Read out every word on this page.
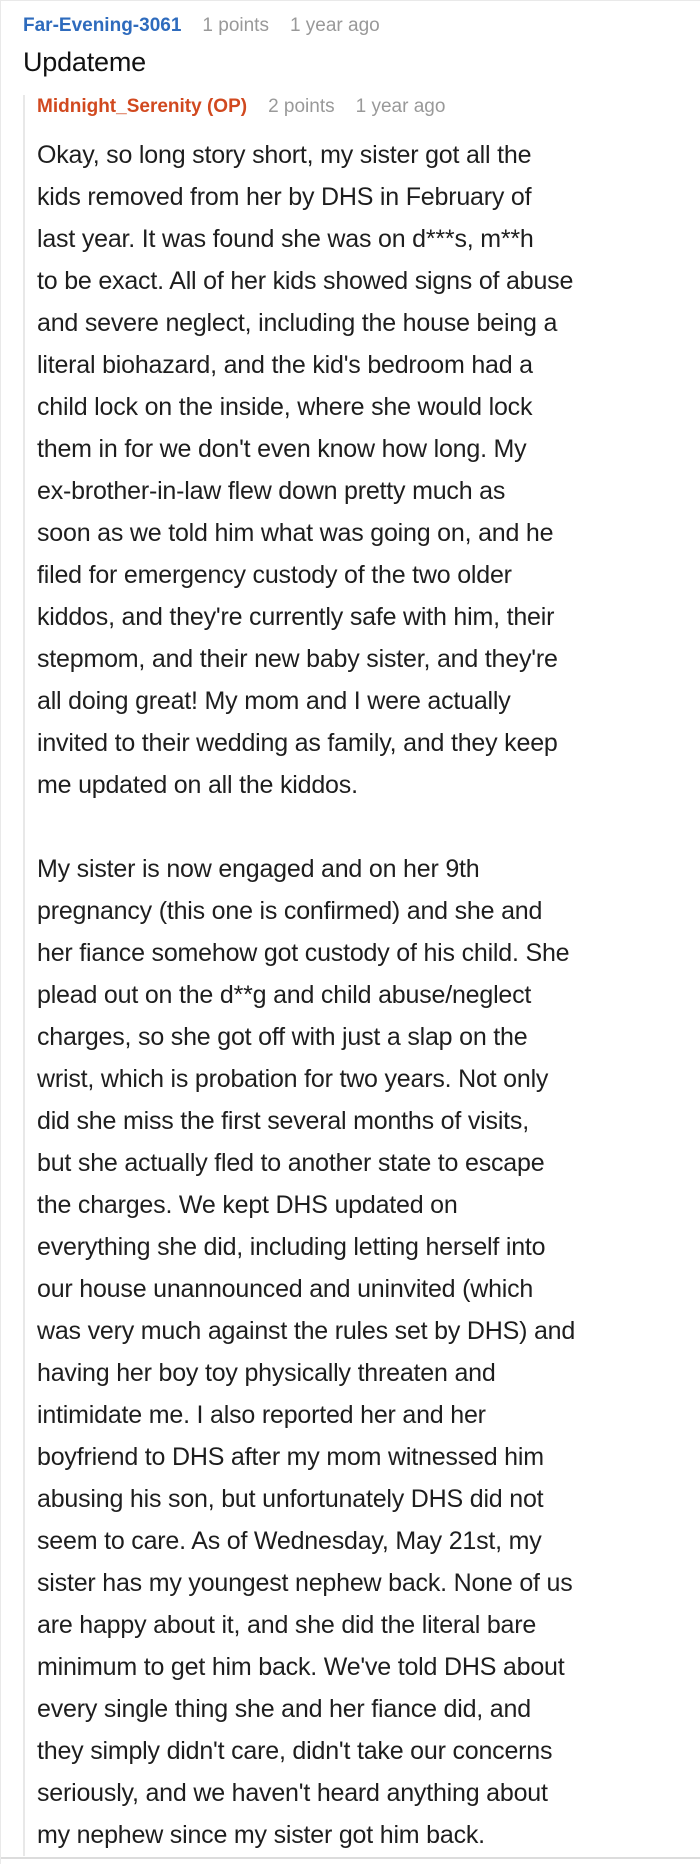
Far-Evening-3061 1 points 1 year ago
Updateme
Midnight_Serenity (OP) 2 points 1 year ago
Okay, so long story short, my sister got all the
kids removed from her by DHS in February of
last year. It was found she was on d***s, m**h
to be exact. All of her kids showed signs of abuse
and severe neglect, including the house being a
literal biohazard, and the kid's bedroom had a
child lock on the inside, where she would lock
them in for we don't even know how long. My
ex-brother-in-law flew down pretty much as
soon as we told him what was going on, and he
filed for emergency custody of the two older
kiddos, and they're currently safe with him, their
stepmom, and their new baby sister, and they're
all doing great! My mom and I were actually
invited to their wedding as family, and they keep
me updated on all the kiddos.
My sister is now engaged and on her 9th
pregnancy (this one is confirmed) and she and
her fiance somehow got custody of his child. She
plead out on the d**g and child abuse/neglect
charges, so she got off with just a slap on the
wrist, which is probation for two years. Not only
did she miss the first several months of visits,
but she actually fled to another state to escape
the charges. We kept DHS updated on
everything she did, including letting herself into
our house unannounced and uninvited (which
was very much against the rules set by DHS) and
having her boy toy physically threaten and
intimidate me. I also reported her and her
boyfriend to DHS after my mom witnessed him
abusing his son, but unfortunately DHS did not
seem to care. As of Wednesday, May 21st, my
sister has my youngest nephew back. None of us
are happy about it, and she did the literal bare
minimum to get him back. We've told DHS about
every single thing she and her fiance did, and
they simply didn't care, didn't take our concerns
seriously, and we haven't heard anything about
my nephew since my sister got him back.
